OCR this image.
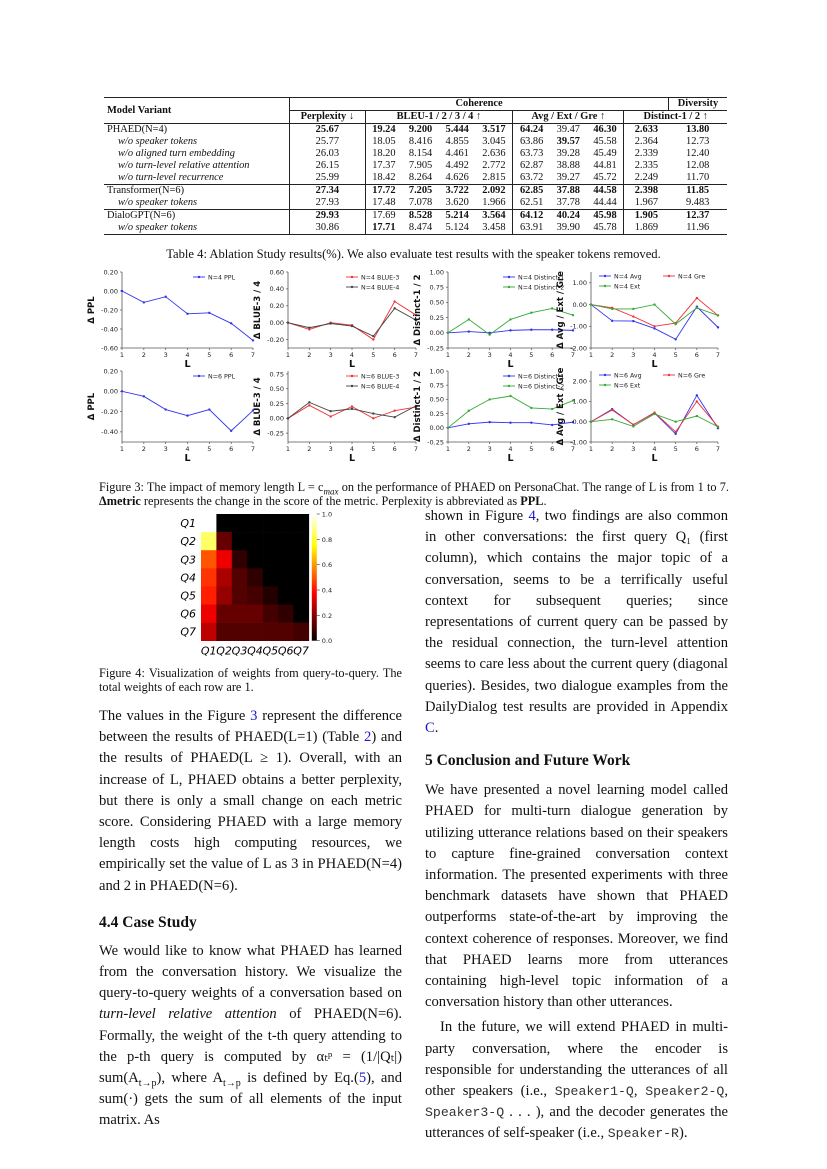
Model Variant	Coherence									Diversity
	Perplexity ↓	BLEU-1 / 2 / 3 / 4 ↑				Avg / Ext / Gre ↑			Distinct-1 / 2 ↑	
PHAED(N=4)	25.67	19.24	9.200	5.444	3.517	64.24	39.47	46.30	2.633	13.80
w/o speaker tokens	25.77	18.05	8.416	4.855	3.045	63.86	39.57	45.58	2.364	12.73
w/o aligned turn embedding	26.03	18.20	8.154	4.461	2.636	63.73	39.28	45.49	2.339	12.40
w/o turn-level relative attention	26.15	17.37	7.905	4.492	2.772	62.87	38.88	44.81	2.335	12.08
w/o turn-level recurrence	25.99	18.42	8.264	4.626	2.815	63.72	39.27	45.72	2.249	11.70
Transformer(N=6)	27.34	17.72	7.205	3.722	2.092	62.85	37.88	44.58	2.398	11.85
w/o speaker tokens	27.93	17.48	7.078	3.620	1.966	62.51	37.78	44.44	1.967	9.483
DialoGPT(N=6)	29.93	17.69	8.528	5.214	3.564	64.12	40.24	45.98	1.905	12.37
w/o speaker tokens	30.86	17.71	8.474	5.124	3.458	63.91	39.90	45.78	1.869	11.96
Table 4: Ablation Study results(%). We also evaluate test results with the speaker tokens removed.
0.20
0.00
-0.20
-0.40
-0.60
1	2	3	4	5	6	7
L
Δ PPL
N=4 PPL
0.60
0.40
0.20
0.00
-0.20
1	2	3	4	5	6	7
L
Δ BLUE-3 / 4
N=4 BLUE-3
N=4 BLUE-4
1.00
0.75
0.50
0.25
0.00
-0.25
1	2	3	4	5	6	7
L
Δ Distinct-1 / 2	N=4 Distinct-1
N=4 Distinct-2
1.00
0.00
-1.00
-2.00
1	2	3	4	5	6	7
L
Δ Avg / Ext / Gre	N=4 Avg	N=4 Gre
N=4 Ext
0.20
0.00
-0.20
-0.40
1	2	3	4	5	6	7
L
Δ PPL
N=6 PPL	0.75
0.50
0.25
0.00
-0.25
1	2	3	4	5	6	7
L
Δ BLUE-3 / 4
N=6 BLUE-3
N=6 BLUE-4
1.00
0.75
0.50
0.25
0.00
-0.25
1	2	3	4	5	6	7
L
Δ Distinct-1 / 2	N=6 Distinct-1
N=6 Distinct-2
2.00
1.00
0.00
-1.00
1	2	3	4	5	6	7
L
Δ Avg / Ext / Gre	N=6 Avg	N=6 Gre
N=6 Ext
Figure 3: The impact of memory length $L = c_{max}$ on the performance of PHAED on PersonaChat. The range of L is from 1 to 7. Δmetric represents the change in the score of the metric. Perplexity is abbreviated as PPL.
Q1
Q2
Q3
Q4
Q5
Q6
Q7
Q1 Q2 Q3 Q4 Q5 Q6 Q7
1.0
0.8
0.6
0.4
0.2
0.0
Figure 4: Visualization of weights from query-to-query. The total weights of each row are 1.
The values in the Figure 3 represent the difference between the results of PHAED(L=1) (Table 2) and the results of PHAED(L ≥ 1). Overall, with an increase of L, PHAED obtains a better perplexity, but there is only a small change on each metric score. Considering PHAED with a large memory length costs high computing resources, we empirically set the value of L as 3 in PHAED(N=4) and 2 in PHAED(N=6).
4.4 Case Study
We would like to know what PHAED has learned from the conversation history. We visualize the query-to-query weights of a conversation based on turn-level relative attention of PHAED(N=6). Formally, the weight of the t-th query attending to the p-th query is computed by αₜᵖ = (1/|Qₜ|) $sum(A_{t\to p})$, where $A_{t\to p}$ is defined by Eq.(5), and sum(·) gets the sum of all elements of the input matrix. As
shown in Figure 4, two findings are also common in other conversations: the first query Q₁ (first column), which contains the major topic of a conversation, seems to be a terrifically useful context for subsequent queries; since representations of current query can be passed by the residual connection, the turn-level attention seems to care less about the current query (diagonal queries). Besides, two dialogue examples from the DailyDialog test results are provided in Appendix C.
5 Conclusion and Future Work
We have presented a novel learning model called PHAED for multi-turn dialogue generation by utilizing utterance relations based on their speakers to capture fine-grained conversation context information. The presented experiments with three benchmark datasets have shown that PHAED outperforms state-of-the-art by improving the context coherence of responses. Moreover, we find that PHAED learns more from utterances containing high-level topic information of a conversation history than other utterances.
In the future, we will extend PHAED in multi-party conversation, where the encoder is responsible for understanding the utterances of all other speakers (i.e., Speaker1-Q, Speaker2-Q, Speaker3-Q . . . ), and the decoder generates the utterances of self-speaker (i.e., Speaker-R).
